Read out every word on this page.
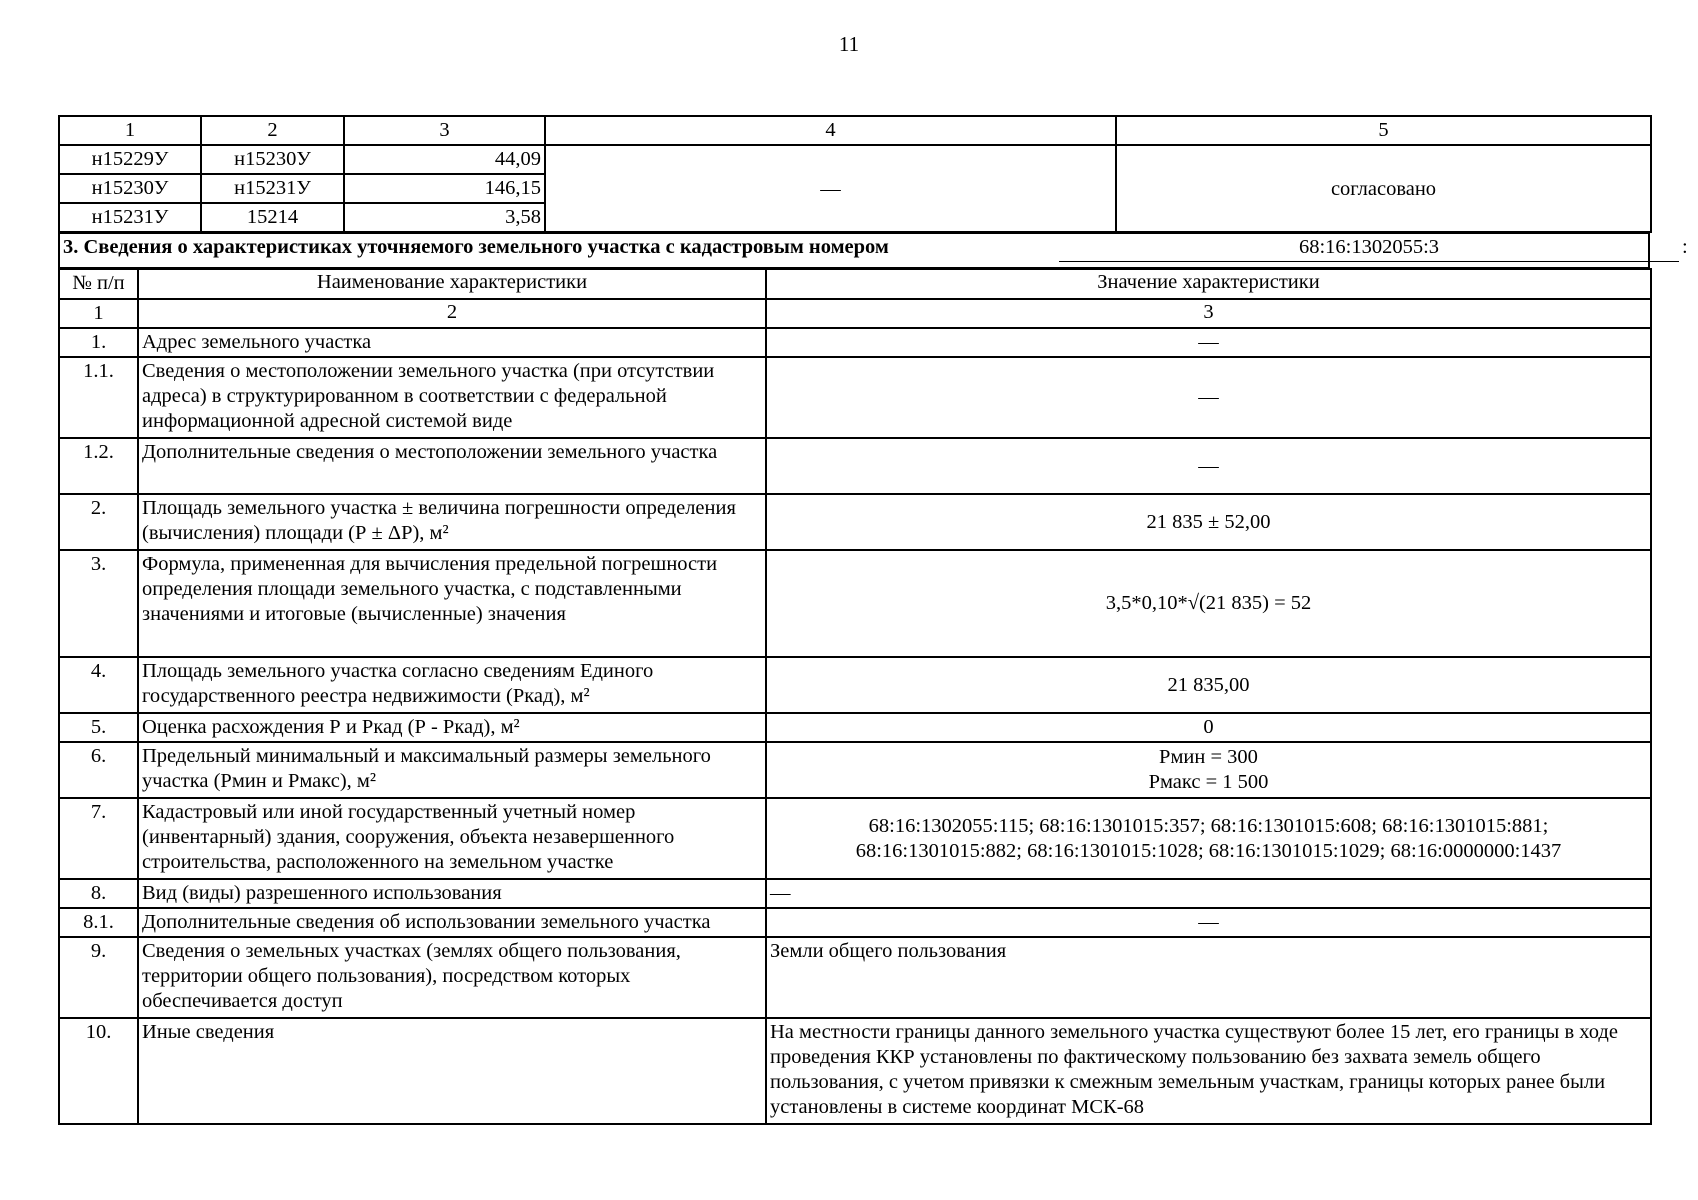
11
1	2	3	4	5
н15229У	н15230У	44,09	—	согласовано
н15230У	н15231У	146,15		
н15231У	15214	3,58		
3. Сведения о характеристиках уточняемого земельного участка с кадастровым номером	68:16:1302055:3	:
№ п/п	Наименование характеристики	Значение характеристики
1	2	3
1.	Адрес земельного участка	—
1.1.	Сведения о местоположении земельного участка (при отсутствии адреса) в структурированном в соответствии с федеральной информационной адресной системой виде	—
1.2.	Дополнительные сведения о местоположении земельного участка	—
2.	Площадь земельного участка ± величина погрешности определения (вычисления) площади (Р ± ΔР), м²	21 835 ± 52,00
3.	Формула, примененная для вычисления предельной погрешности определения площади земельного участка, с подставленными значениями и итоговые (вычисленные) значения	3,5*0,10*√(21 835) = 52
4.	Площадь земельного участка согласно сведениям Единого государственного реестра недвижимости (Ркад), м²	21 835,00
5.	Оценка расхождения Р и Ркад (Р - Ркад), м²	0
6.	Предельный минимальный и максимальный размеры земельного участка (Рмин и Рмакс), м²	Рмин = 300
Рмакс = 1 500

7.	Кадастровый или иной государственный учетный номер (инвентарный) здания, сооружения, объекта незавершенного строительства, расположенного на земельном участке	68:16:1302055:115; 68:16:1301015:357; 68:16:1301015:608; 68:16:1301015:881;
68:16:1301015:882; 68:16:1301015:1028; 68:16:1301015:1029; 68:16:0000000:1437

8.	Вид (виды) разрешенного использования	—
8.1.	Дополнительные сведения об использовании земельного участка	—
9.	Сведения о земельных участках (землях общего пользования, территории общего пользования), посредством которых обеспечивается доступ	Земли общего пользования
10.	Иные сведения	На местности границы данного земельного участка существуют более 15 лет, его границы в ходе проведения ККР установлены по фактическому пользованию без захвата земель общего пользования, с учетом привязки к смежным земельным участкам, границы которых ранее были установлены в системе координат МСК-68
